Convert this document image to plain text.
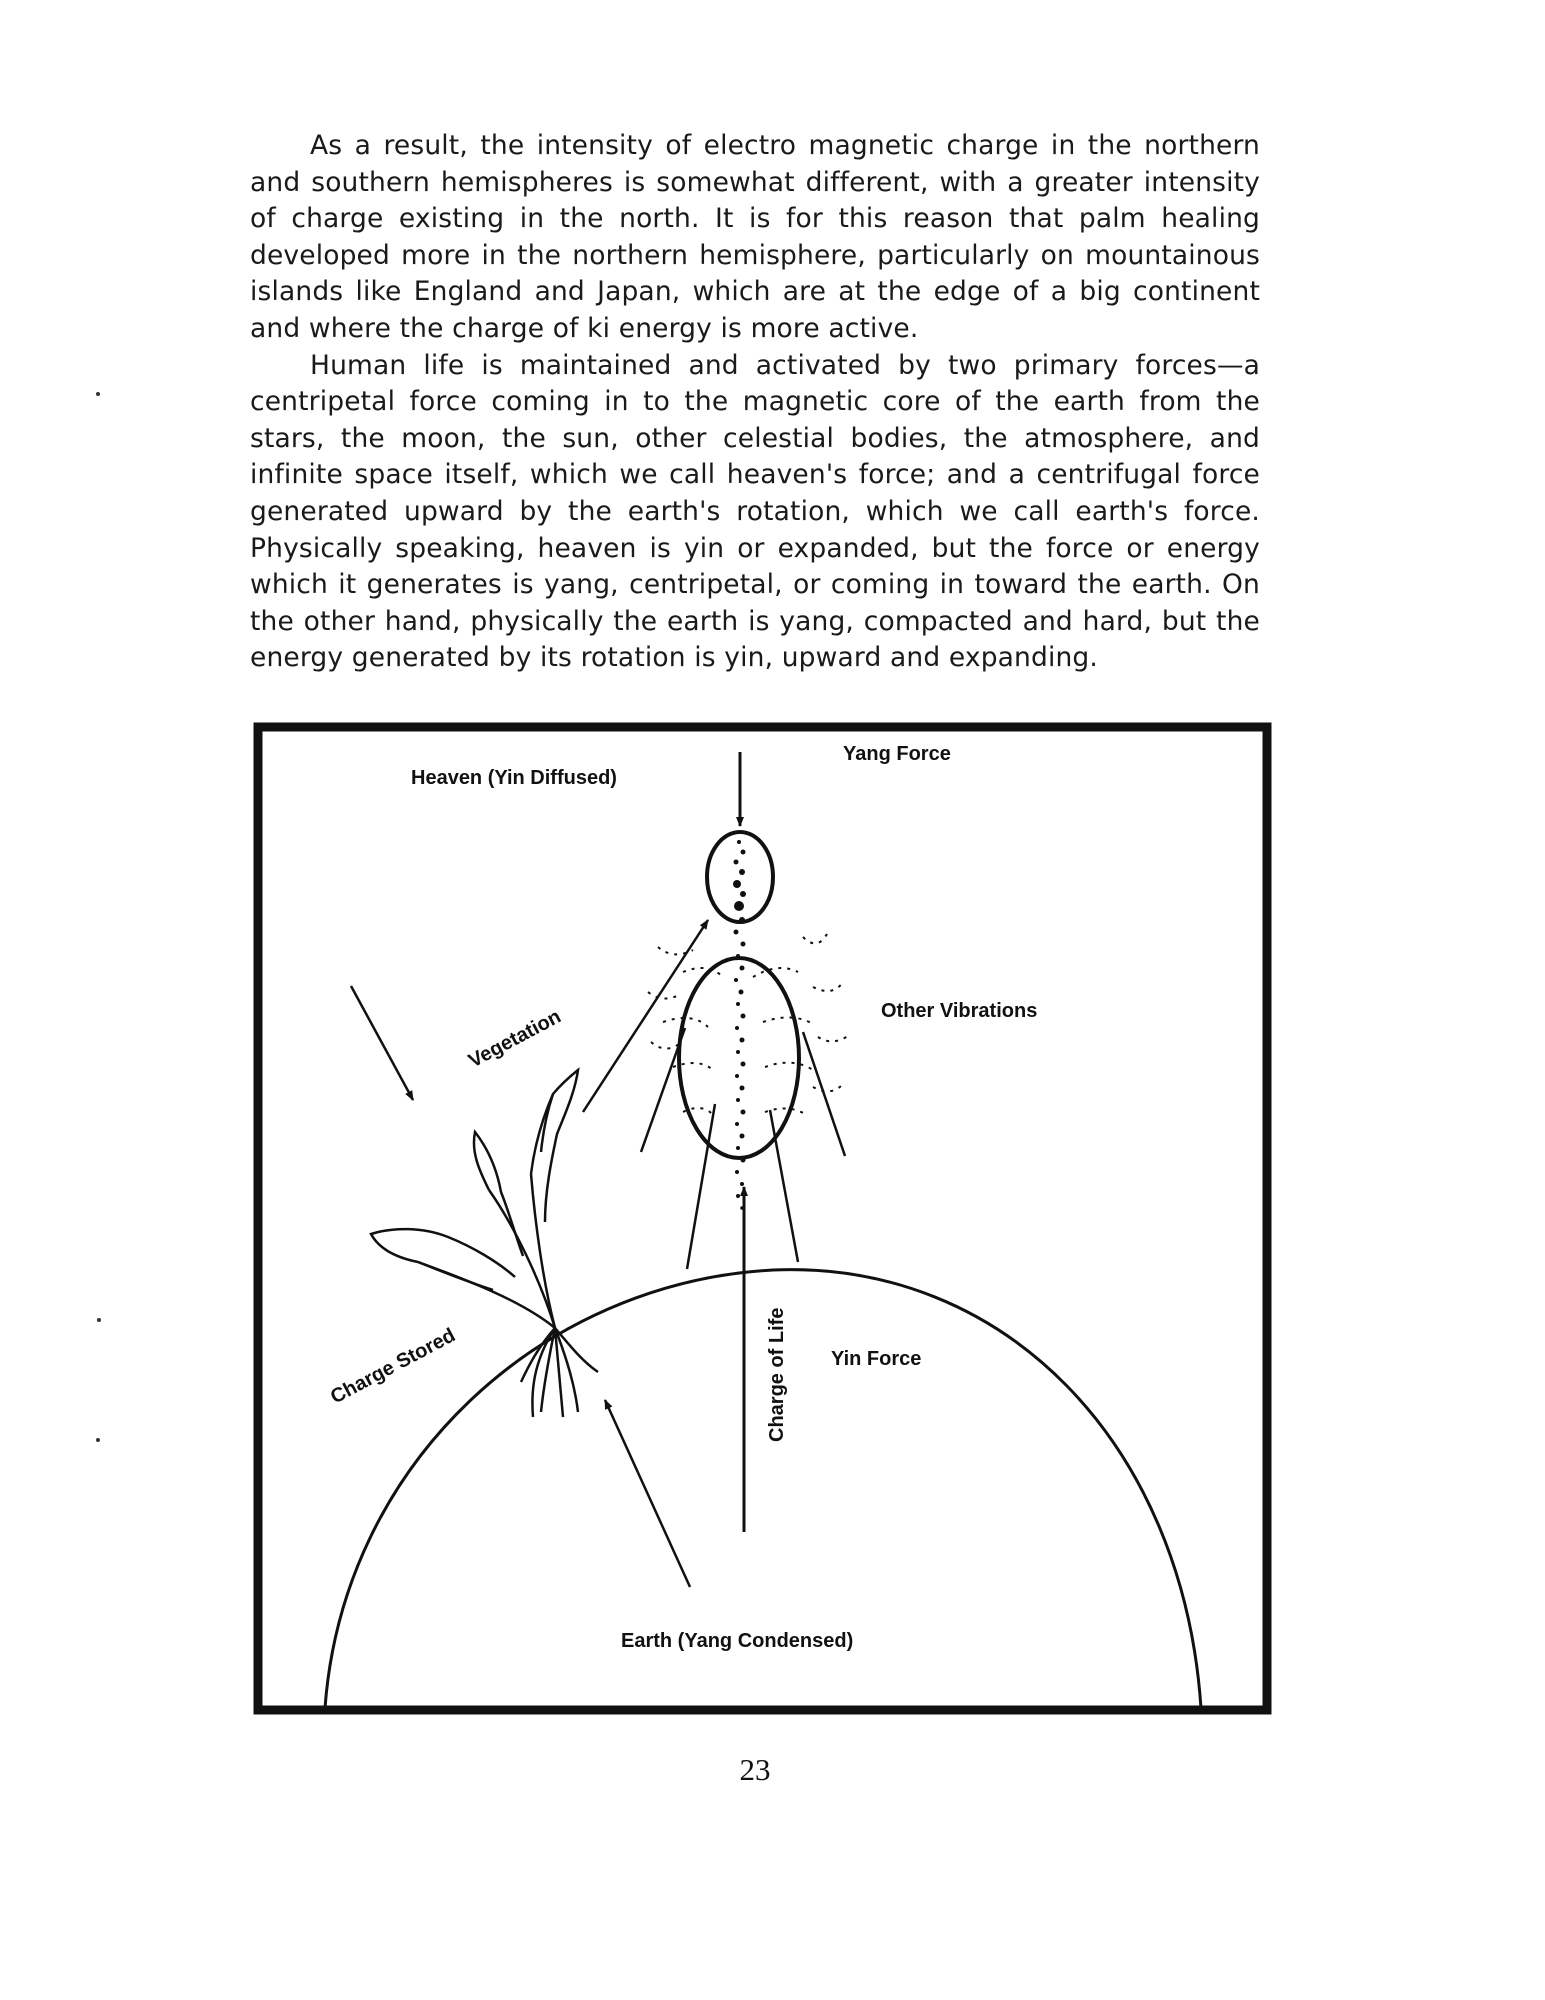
As a result, the intensity of electro magnetic charge in the northern and southern hemispheres is somewhat different, with a greater intensity of charge existing in the north. It is for this reason that palm healing developed more in the northern hemisphere, particularly on mountainous islands like England and Japan, which are at the edge of a big continent and where the charge of ki energy is more active.

Human life is maintained and activated by two primary forces—a centripetal force coming in to the magnetic core of the earth from the stars, the moon, the sun, other celestial bodies, the atmosphere, and infinite space itself, which we call heaven's force; and a centrifugal force generated upward by the earth's rotation, which we call earth's force. Physically speaking, heaven is yin or expanded, but the force or energy which it generates is yang, centripetal, or coming in toward the earth. On the other hand, physically the earth is yang, compacted and hard, but the energy generated by its rotation is yin, upward and expanding.

Heaven (Yin Diffused)
Yang Force
Other Vibrations
Vegetation
Charge Stored	Charge of Life Yin Force
Earth (Yang Condensed)
23
